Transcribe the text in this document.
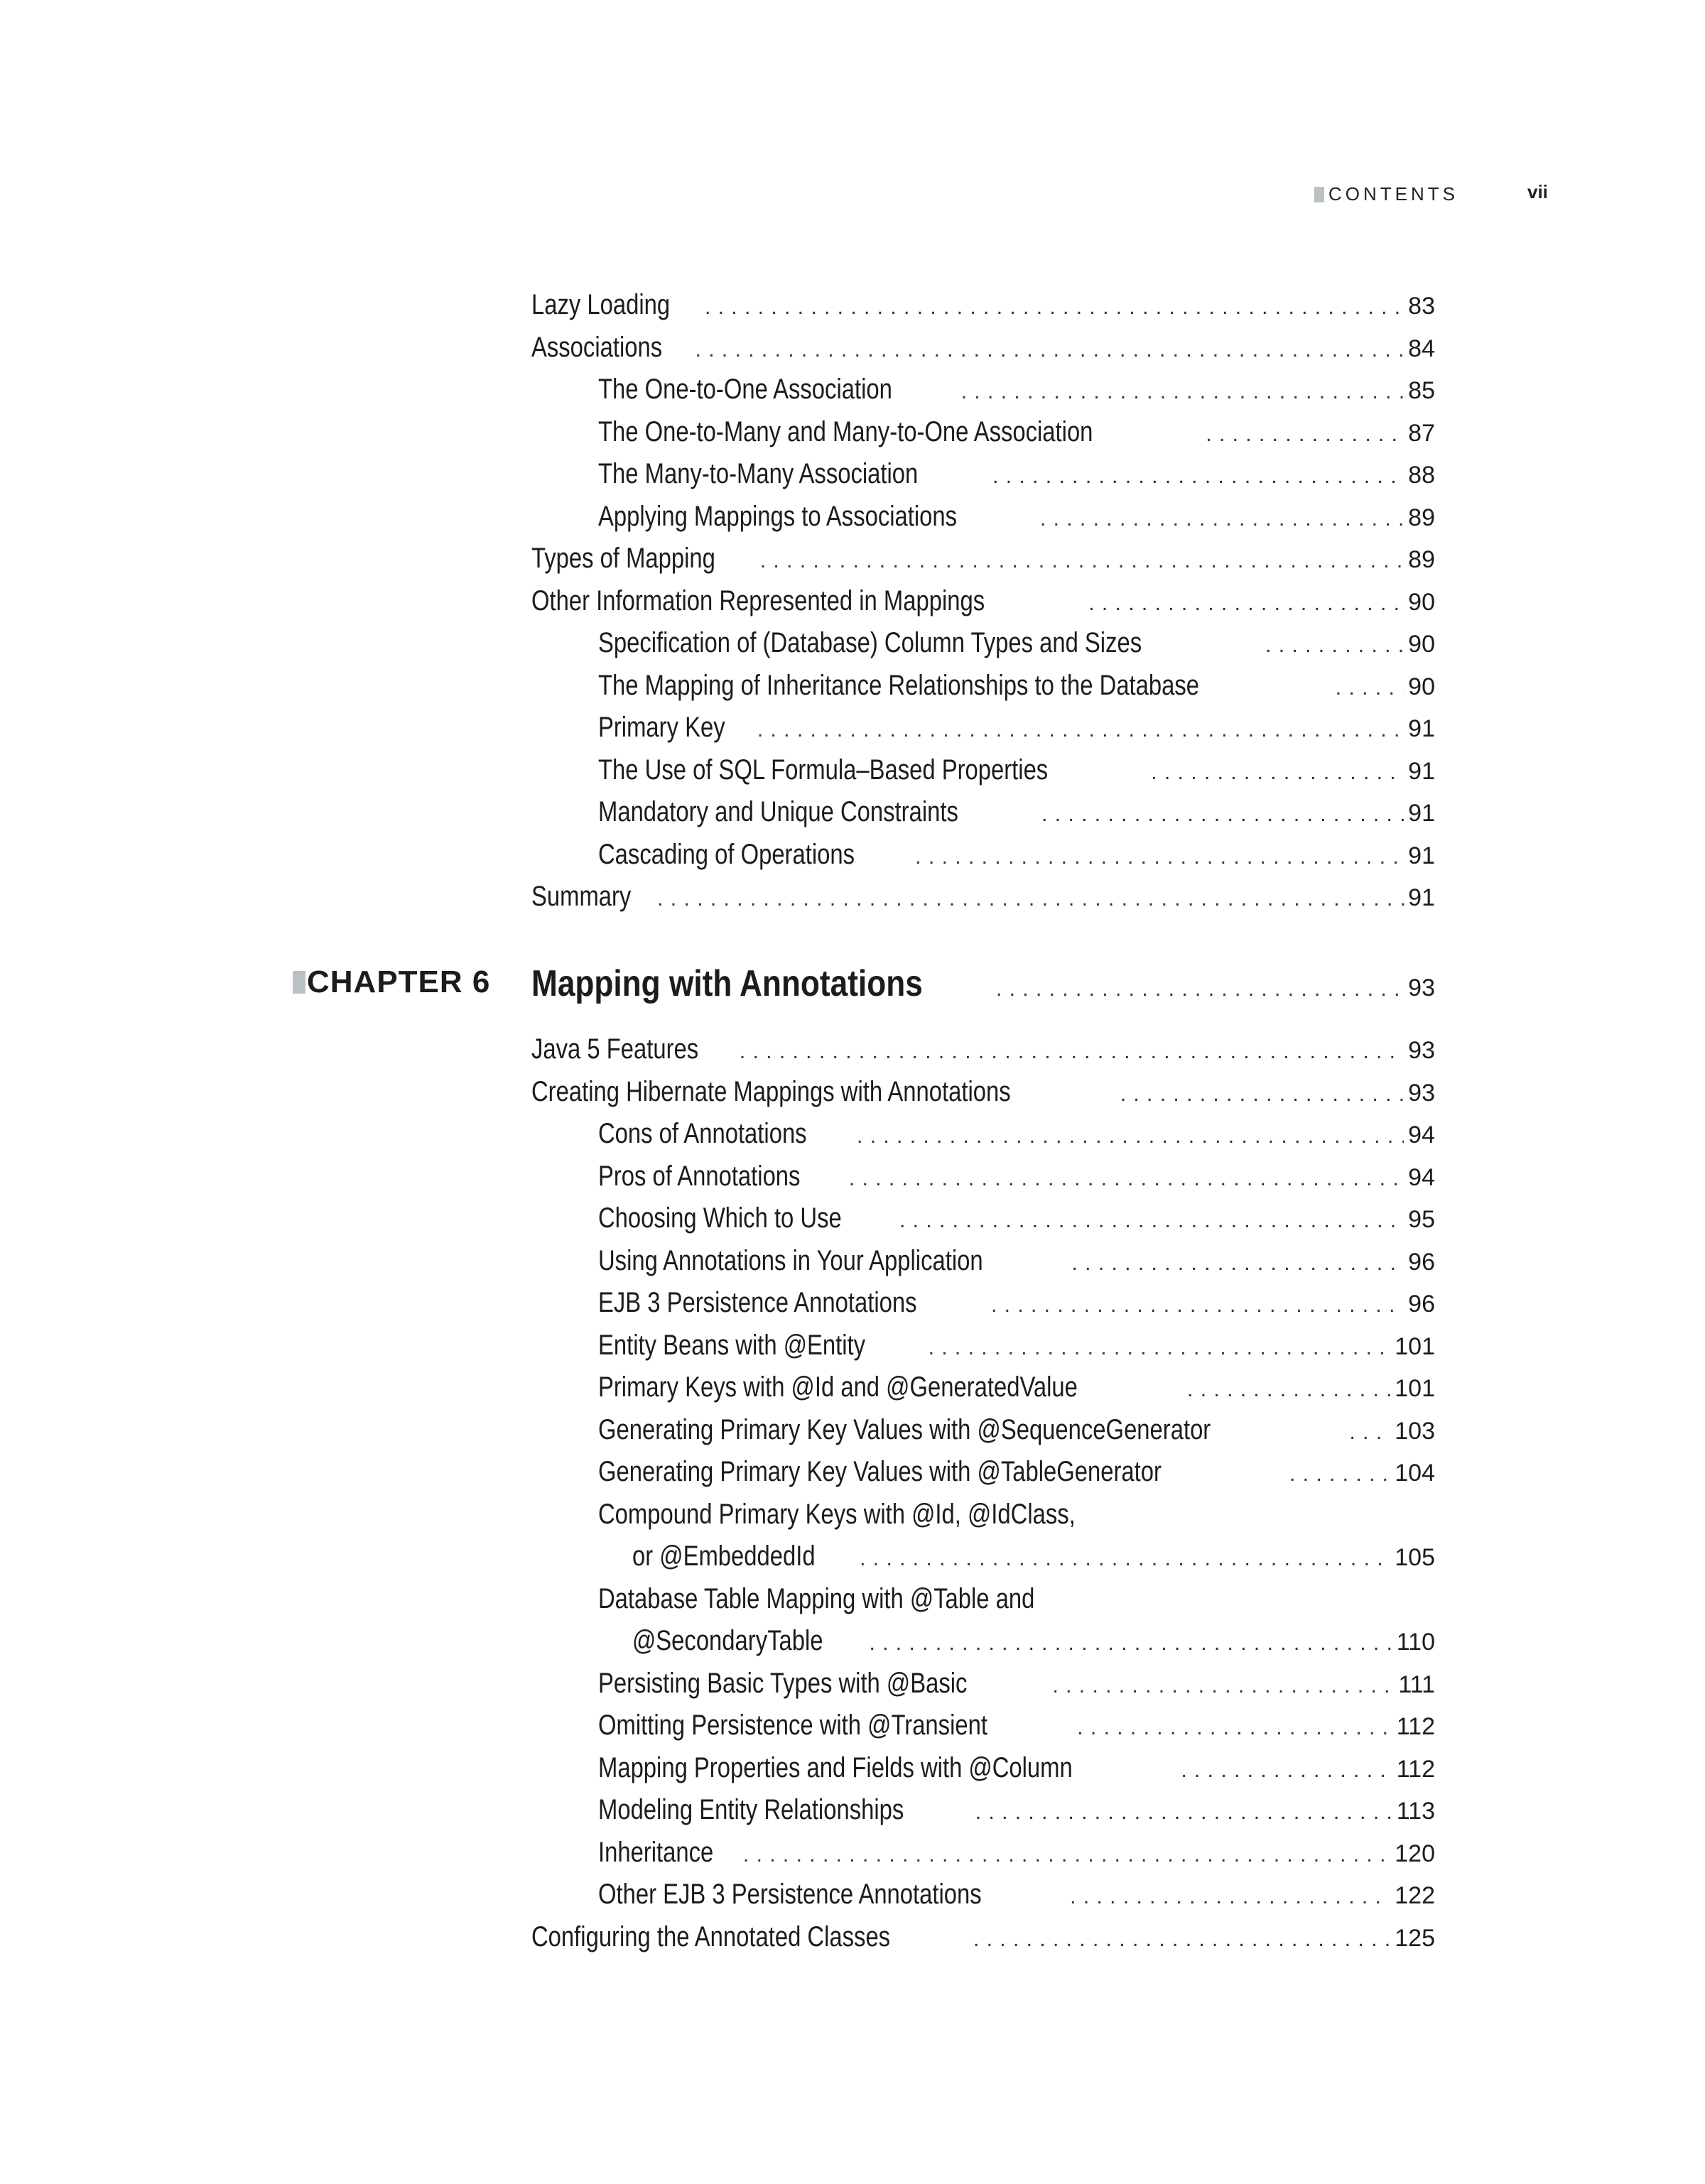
CONTENTS	vii
Lazy Loading . . .	83
Associations . . .	84
The One-to-One Association . . .	85
The One-to-Many and Many-to-One Association . . .	87
The Many-to-Many Association . . .	88
Applying Mappings to Associations . . .	89
Types of Mapping . . .	89
Other Information Represented in Mappings . . .	90
Specification of (Database) Column Types and Sizes . . .	90
The Mapping of Inheritance Relationships to the Database . . .	90
Primary Key . . .	91
The Use of SQL Formula–Based Properties . . .	91
Mandatory and Unique Constraints . . .	91
Cascading of Operations . . .	91
Summary . . .	91
CHAPTER 6 Mapping with Annotations . . .	93
Java 5 Features . . .	93
Creating Hibernate Mappings with Annotations . . .	93
Cons of Annotations . . .	94
Pros of Annotations . . .	94
Choosing Which to Use . . .	95
Using Annotations in Your Application . . .	96
EJB 3 Persistence Annotations . . .	96
Entity Beans with @Entity . . .	101
Primary Keys with @Id and @GeneratedValue . . .	101
Generating Primary Key Values with @SequenceGenerator . . .	103
Generating Primary Key Values with @TableGenerator . . .	104
Compound Primary Keys with @Id, @IdClass,
or @EmbeddedId . . .	105
Database Table Mapping with @Table and
@SecondaryTable . . .	110
Persisting Basic Types with @Basic . . .	111
Omitting Persistence with @Transient . . .	112
Mapping Properties and Fields with @Column . . .	112
Modeling Entity Relationships . . .	113
Inheritance . . .	120
Other EJB 3 Persistence Annotations . . .	122
Configuring the Annotated Classes . . .	125
